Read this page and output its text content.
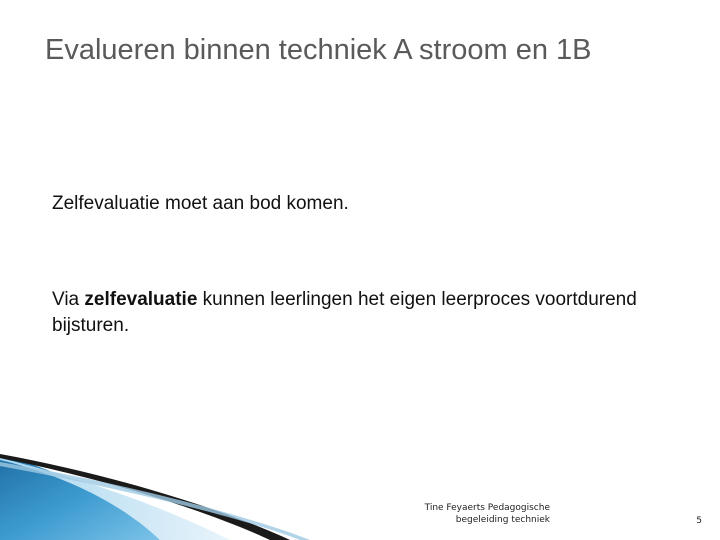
Evalueren binnen techniek A stroom en 1B

Zelfevaluatie moet aan bod komen.

Via zelfevaluatie kunnen leerlingen het eigen leerproces voortdurend bijsturen.

Tine Feyaerts Pedagogische
begeleiding techniek	5
